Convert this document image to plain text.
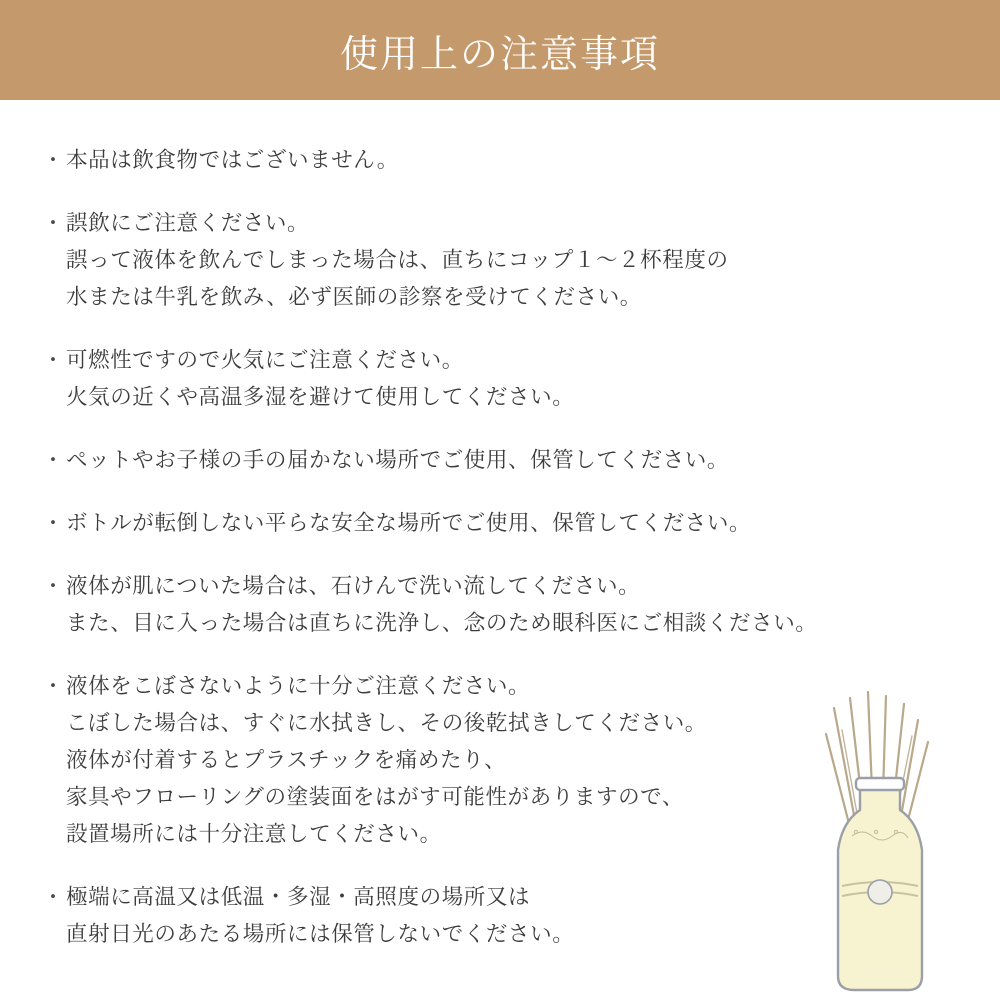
使用上の注意事項
・ 本品は飲食物ではございません。
・ 誤飲にご注意ください。
誤って液体を飲んでしまった場合は、直ちにコップ１〜２杯程度の
水または牛乳を飲み、必ず医師の診察を受けてください。
・ 可燃性ですので火気にご注意ください。
火気の近くや高温多湿を避けて使用してください。
・ ペットやお子様の手の届かない場所でご使用、保管してください。
・ ボトルが転倒しない平らな安全な場所でご使用、保管してください。
・ 液体が肌についた場合は、石けんで洗い流してください。
また、目に入った場合は直ちに洗浄し、念のため眼科医にご相談ください。
・ 液体をこぼさないように十分ご注意ください。
こぼした場合は、すぐに水拭きし、その後乾拭きしてください。
液体が付着するとプラスチックを痛めたり、
家具やフローリングの塗装面をはがす可能性がありますので、
設置場所には十分注意してください。
・ 極端に高温又は低温・多湿・高照度の場所又は
直射日光のあたる場所には保管しないでください。
